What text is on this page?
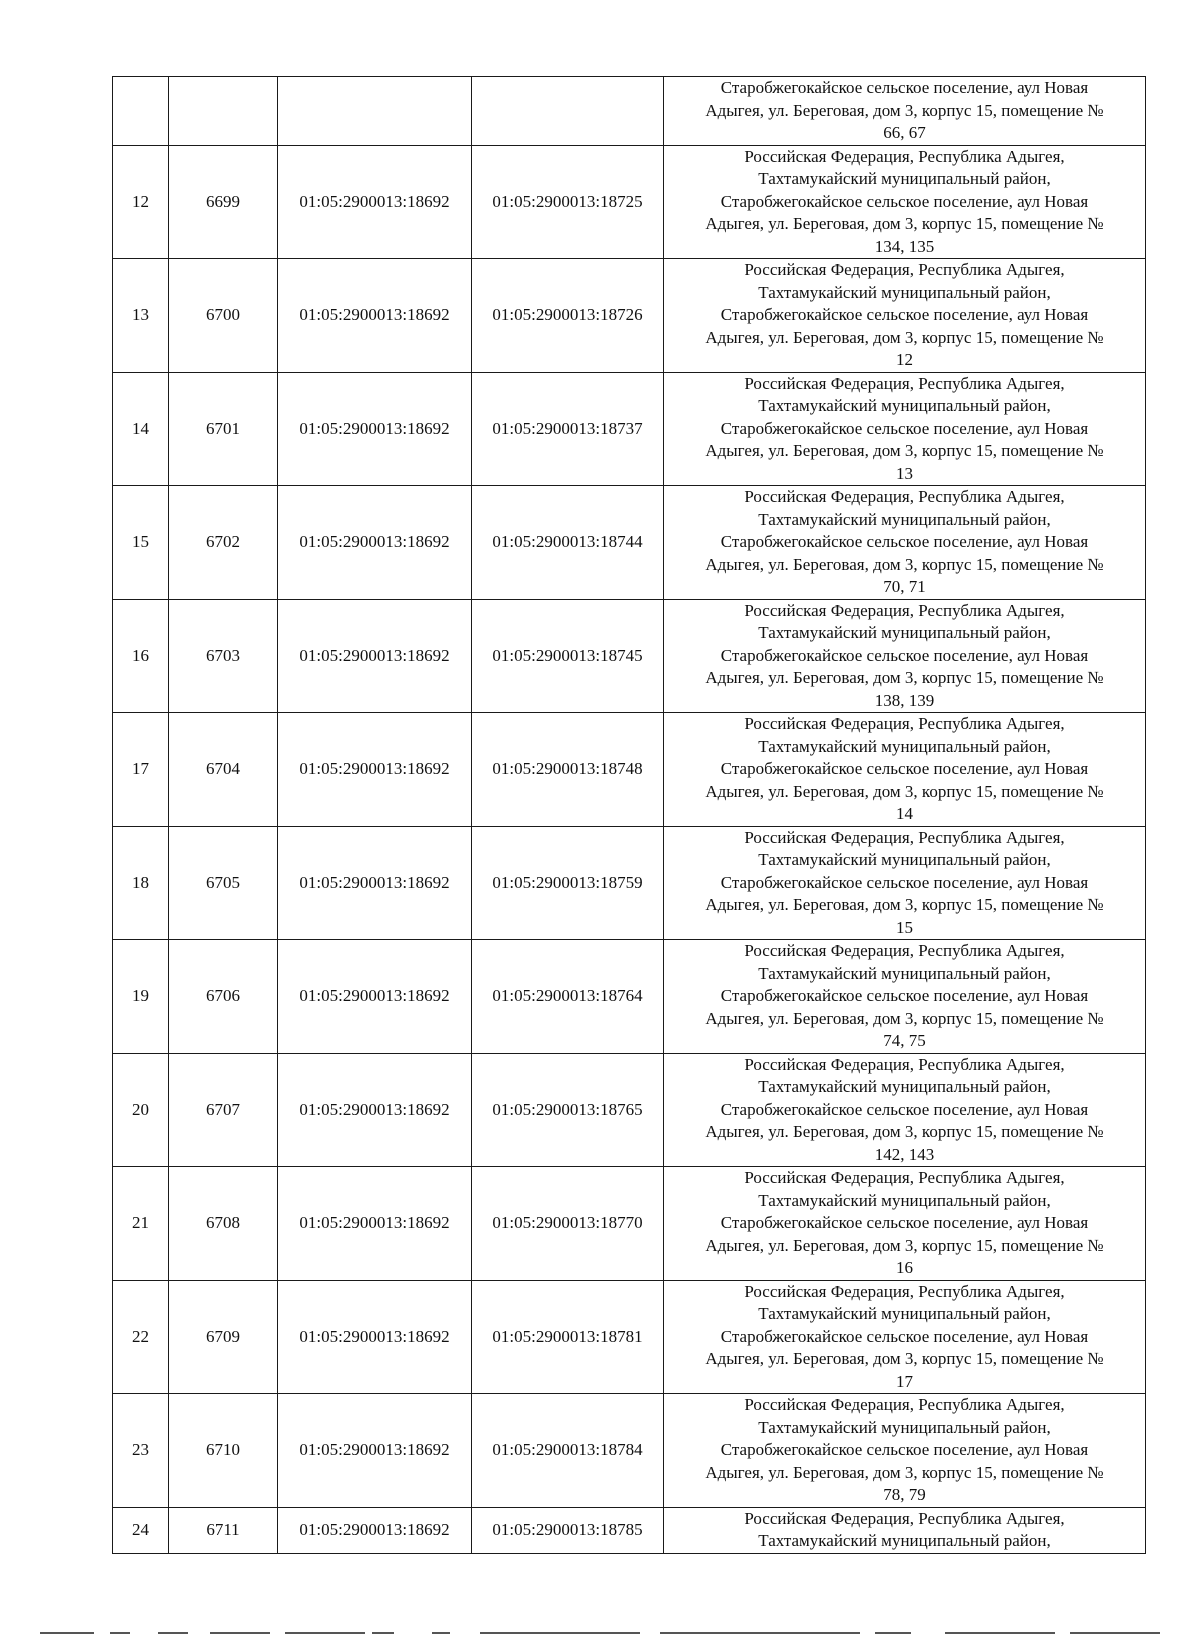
				Старобжегокайское сельское поселение, аул Новая
Адыгея, ул. Береговая, дом 3, корпус 15, помещение №
66, 67

12	6699	01:05:2900013:18692	01:05:2900013:18725	Российская Федерация, Республика Адыгея,
Тахтамукайский муниципальный район,
Старобжегокайское сельское поселение, аул Новая
Адыгея, ул. Береговая, дом 3, корпус 15, помещение №
134, 135

13	6700	01:05:2900013:18692	01:05:2900013:18726	Российская Федерация, Республика Адыгея,
Тахтамукайский муниципальный район,
Старобжегокайское сельское поселение, аул Новая
Адыгея, ул. Береговая, дом 3, корпус 15, помещение №
12

14	6701	01:05:2900013:18692	01:05:2900013:18737	Российская Федерация, Республика Адыгея,
Тахтамукайский муниципальный район,
Старобжегокайское сельское поселение, аул Новая
Адыгея, ул. Береговая, дом 3, корпус 15, помещение №
13

15	6702	01:05:2900013:18692	01:05:2900013:18744	Российская Федерация, Республика Адыгея,
Тахтамукайский муниципальный район,
Старобжегокайское сельское поселение, аул Новая
Адыгея, ул. Береговая, дом 3, корпус 15, помещение №
70, 71

16	6703	01:05:2900013:18692	01:05:2900013:18745	Российская Федерация, Республика Адыгея,
Тахтамукайский муниципальный район,
Старобжегокайское сельское поселение, аул Новая
Адыгея, ул. Береговая, дом 3, корпус 15, помещение №
138, 139

17	6704	01:05:2900013:18692	01:05:2900013:18748	Российская Федерация, Республика Адыгея,
Тахтамукайский муниципальный район,
Старобжегокайское сельское поселение, аул Новая
Адыгея, ул. Береговая, дом 3, корпус 15, помещение №
14

18	6705	01:05:2900013:18692	01:05:2900013:18759	Российская Федерация, Республика Адыгея,
Тахтамукайский муниципальный район,
Старобжегокайское сельское поселение, аул Новая
Адыгея, ул. Береговая, дом 3, корпус 15, помещение №
15

19	6706	01:05:2900013:18692	01:05:2900013:18764	Российская Федерация, Республика Адыгея,
Тахтамукайский муниципальный район,
Старобжегокайское сельское поселение, аул Новая
Адыгея, ул. Береговая, дом 3, корпус 15, помещение №
74, 75

20	6707	01:05:2900013:18692	01:05:2900013:18765	Российская Федерация, Республика Адыгея,
Тахтамукайский муниципальный район,
Старобжегокайское сельское поселение, аул Новая
Адыгея, ул. Береговая, дом 3, корпус 15, помещение №
142, 143

21	6708	01:05:2900013:18692	01:05:2900013:18770	Российская Федерация, Республика Адыгея,
Тахтамукайский муниципальный район,
Старобжегокайское сельское поселение, аул Новая
Адыгея, ул. Береговая, дом 3, корпус 15, помещение №
16

22	6709	01:05:2900013:18692	01:05:2900013:18781	Российская Федерация, Республика Адыгея,
Тахтамукайский муниципальный район,
Старобжегокайское сельское поселение, аул Новая
Адыгея, ул. Береговая, дом 3, корпус 15, помещение №
17

23	6710	01:05:2900013:18692	01:05:2900013:18784	Российская Федерация, Республика Адыгея,
Тахтамукайский муниципальный район,
Старобжегокайское сельское поселение, аул Новая
Адыгея, ул. Береговая, дом 3, корпус 15, помещение №
78, 79

24	6711	01:05:2900013:18692	01:05:2900013:18785	Российская Федерация, Республика Адыгея,
Тахтамукайский муниципальный район,
